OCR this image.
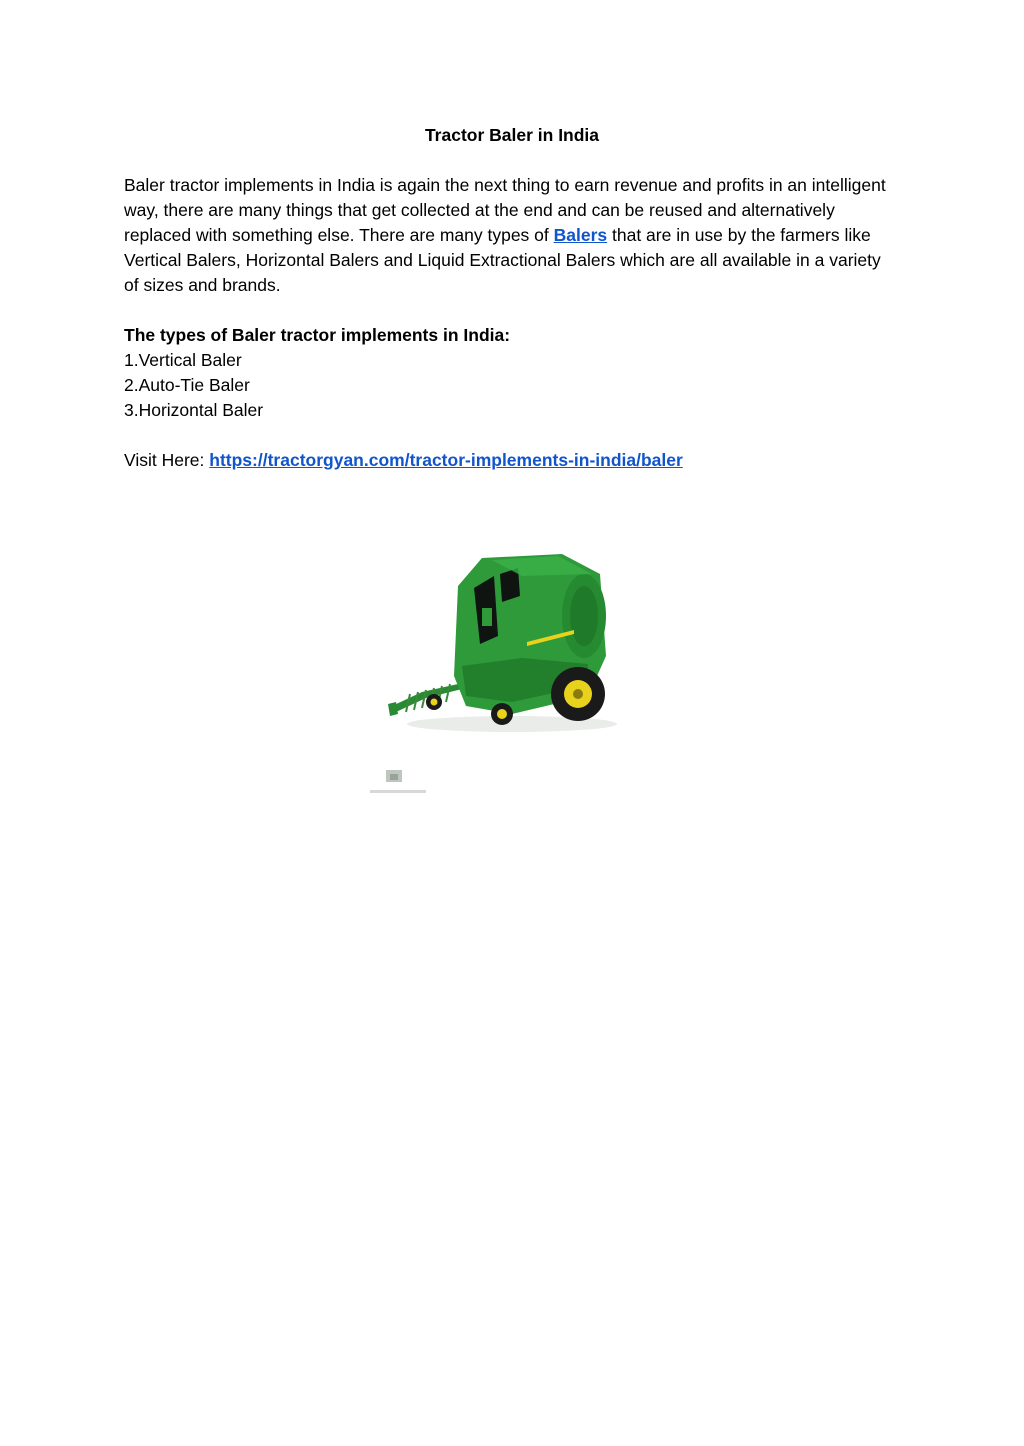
Tractor Baler in India

Baler tractor implements in India is again the next thing to earn revenue and profits in an intelligent way, there are many things that get collected at the end and can be reused and alternatively replaced with something else. There are many types of Balers that are in use by the farmers like Vertical Balers, Horizontal Balers and Liquid Extractional Balers which are all available in a variety of sizes and brands.

The types of Baler tractor implements in India:

1.Vertical Baler

2.Auto-Tie Baler

3.Horizontal Baler

Visit Here: https://tractorgyan.com/tractor-implements-in-india/baler
